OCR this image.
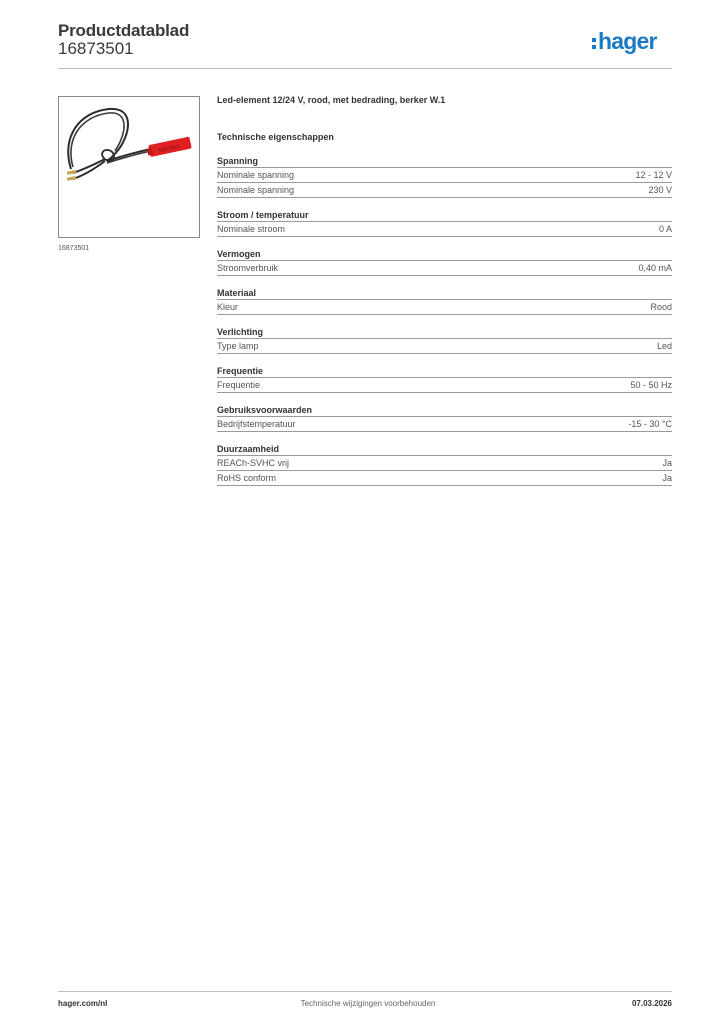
Productdatablad
16873501	hager
16873501
16873501
Led-element 12/24 V, rood, met bedrading, berker W.1
Technische eigenschappen
Spanning
Nominale spanning	12 - 12 V
Nominale spanning	230 V
Stroom / temperatuur
Nominale stroom	0 A
Vermogen
Stroomverbruik	0,40 mA
Materiaal
Kleur	Rood
Verlichting
Type lamp	Led
Frequentie
Frequentie	50 - 50 Hz
Gebruiksvoorwaarden
Bedrijfstemperatuur	-15 - 30 °C
Duurzaamheid
REACh-SVHC vrij	Ja
RoHS conform	Ja
hager.com/nl	Technische wijzigingen voorbehouden	07.03.2026
